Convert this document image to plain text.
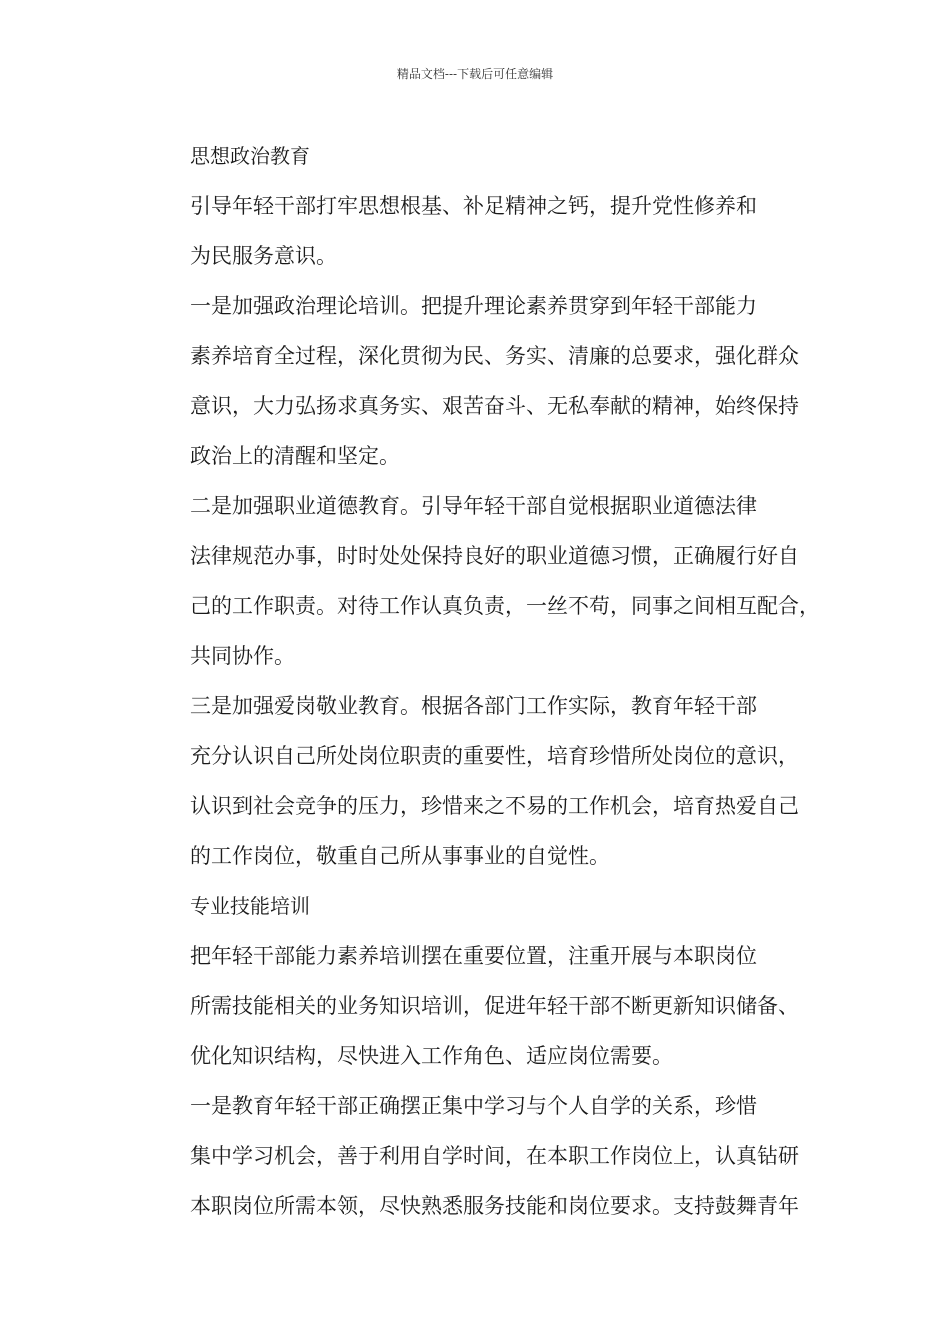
精品文档---下载后可任意编辑

思想政治教育

引导年轻干部打牢思想根基、补足精神之钙，提升党性修养和
为民服务意识。

一是加强政治理论培训。把提升理论素养贯穿到年轻干部能力
素养培育全过程，深化贯彻为民、务实、清廉的总要求，强化群众
意识，大力弘扬求真务实、艰苦奋斗、无私奉献的精神，始终保持
政治上的清醒和坚定。

二是加强职业道德教育。引导年轻干部自觉根据职业道德法律
法律规范办事，时时处处保持良好的职业道德习惯，正确履行好自
己的工作职责。对待工作认真负责，一丝不苟，同事之间相互配合，
共同协作。

三是加强爱岗敬业教育。根据各部门工作实际，教育年轻干部
充分认识自己所处岗位职责的重要性，培育珍惜所处岗位的意识，
认识到社会竞争的压力，珍惜来之不易的工作机会，培育热爱自己
的工作岗位，敬重自己所从事事业的自觉性。

专业技能培训

把年轻干部能力素养培训摆在重要位置，注重开展与本职岗位
所需技能相关的业务知识培训，促进年轻干部不断更新知识储备、
优化知识结构，尽快进入工作角色、适应岗位需要。

一是教育年轻干部正确摆正集中学习与个人自学的关系，珍惜
集中学习机会，善于利用自学时间，在本职工作岗位上，认真钻研
本职岗位所需本领，尽快熟悉服务技能和岗位要求。支持鼓舞青年
